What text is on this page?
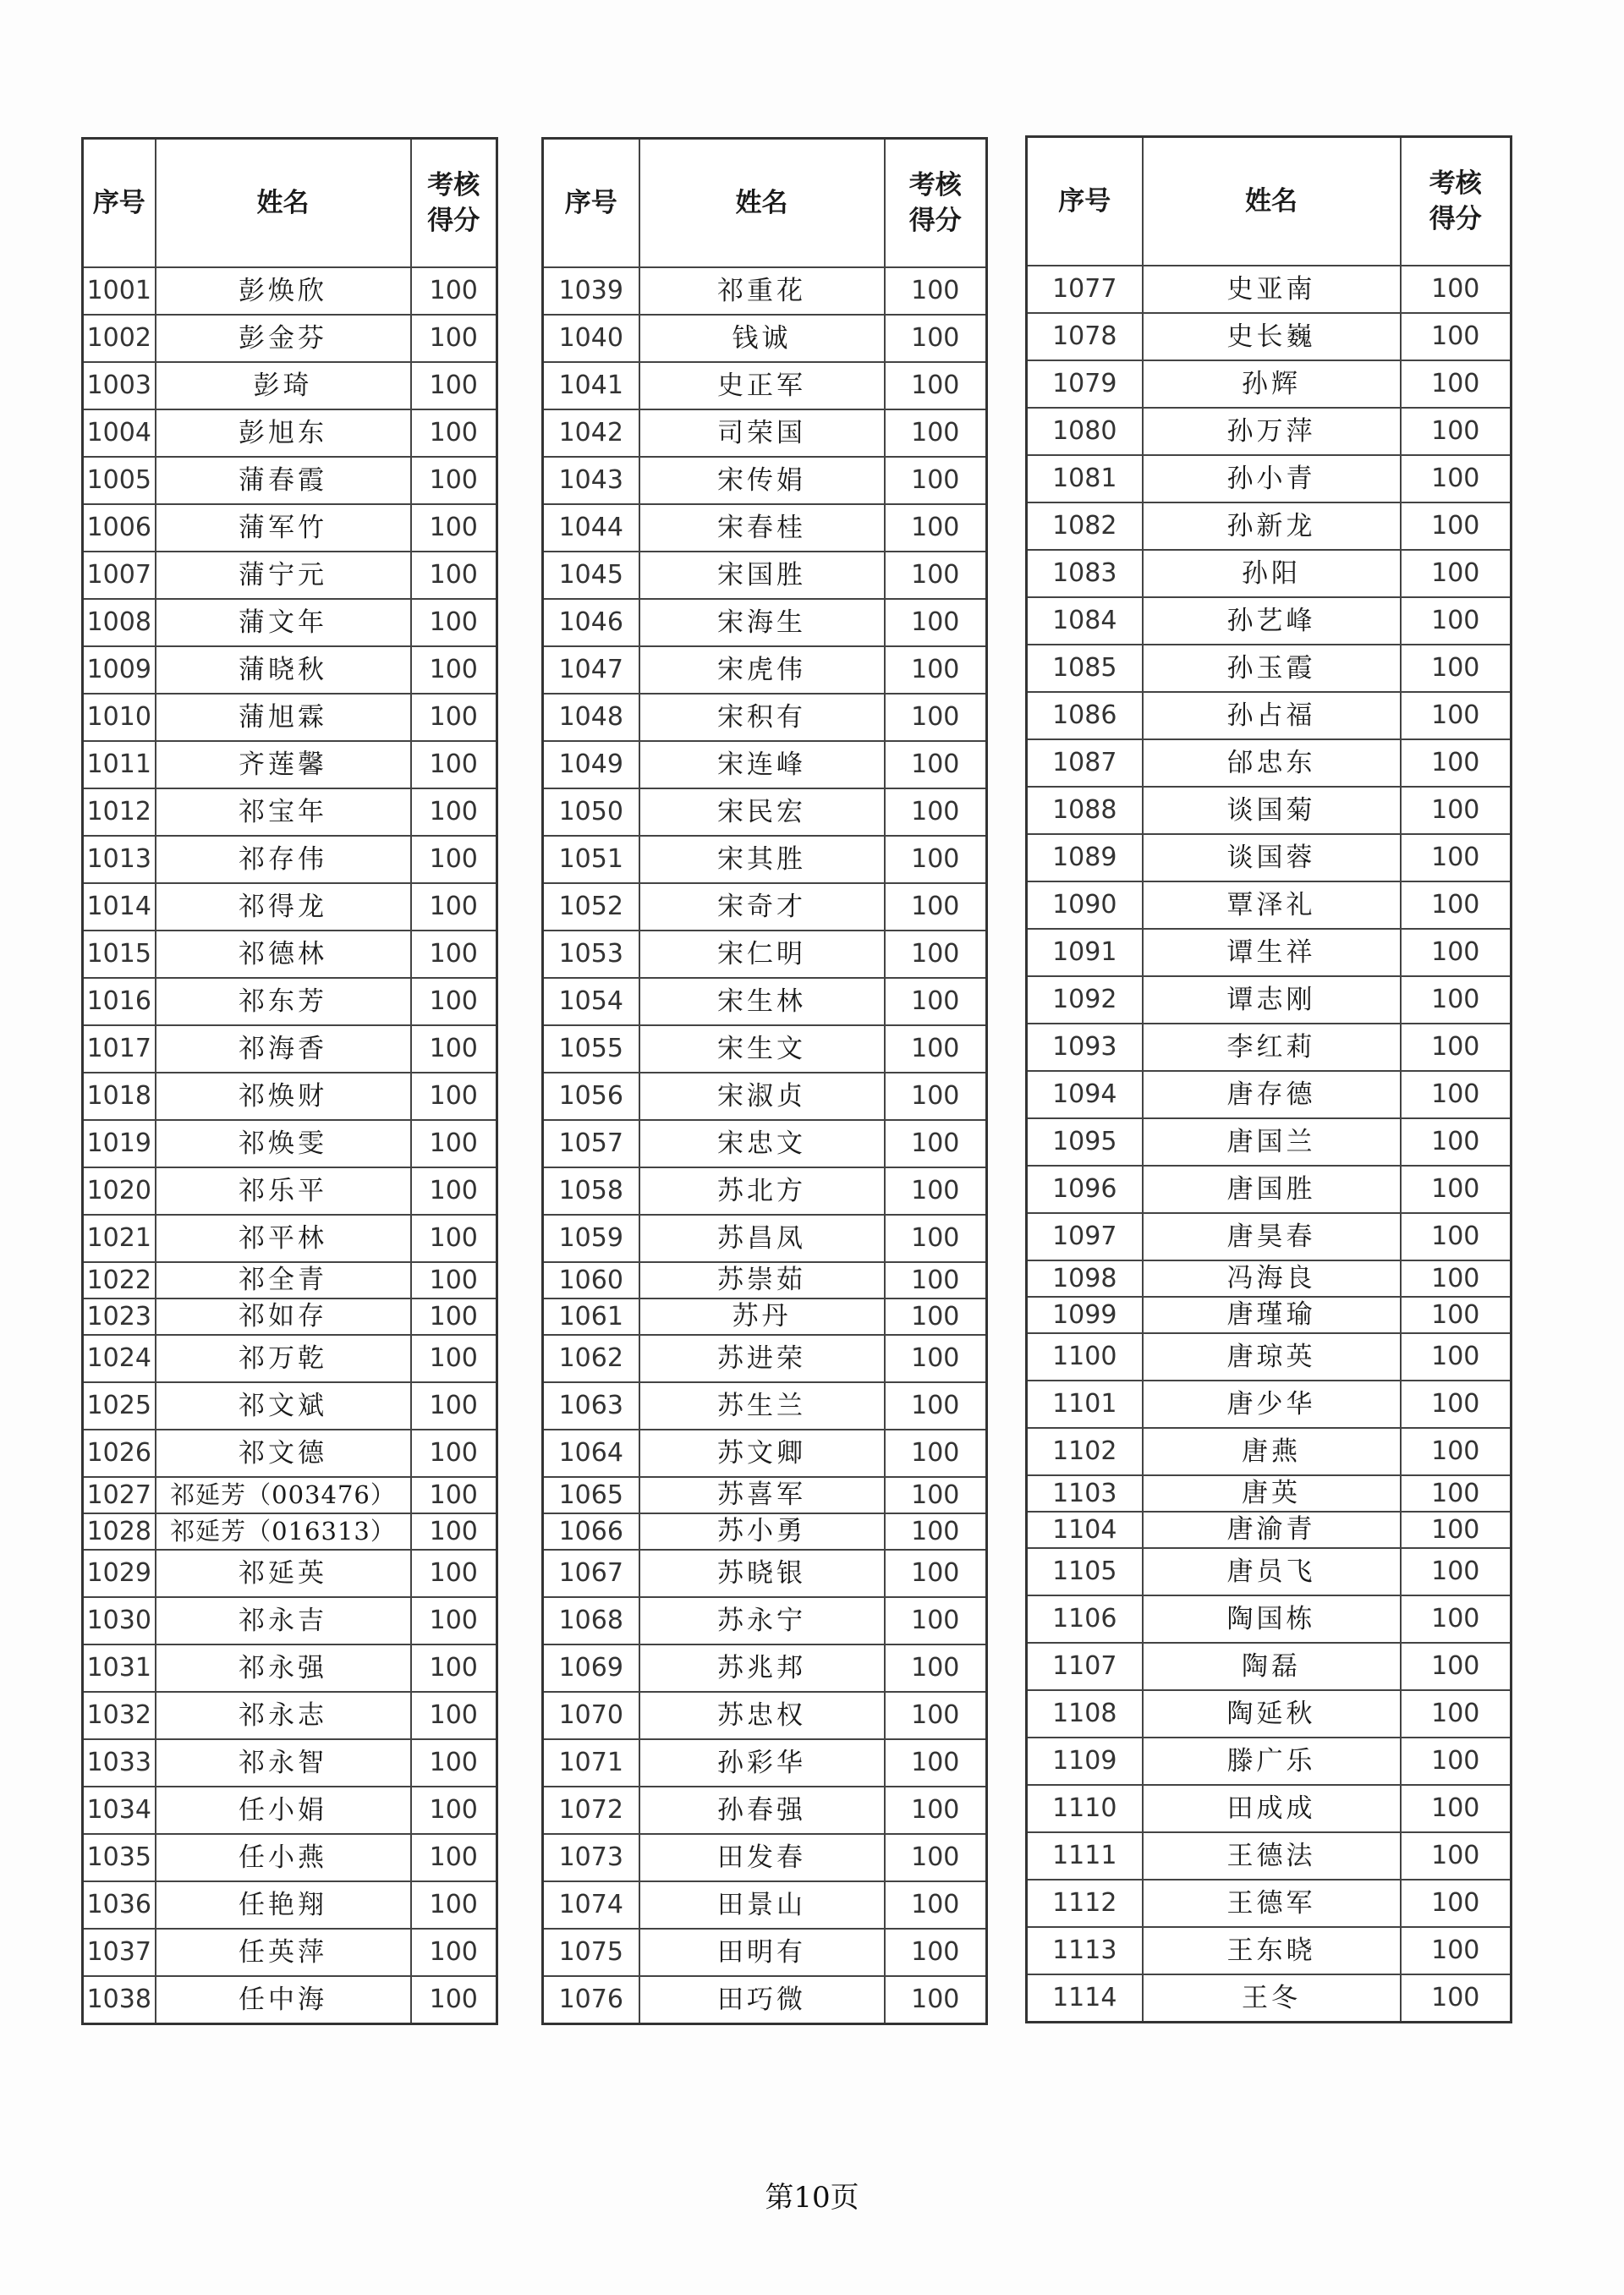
序号	姓名	考核
得分
1001	彭焕欣	100
1002	彭金芬	100
1003	彭琦	100
1004	彭旭东	100
1005	蒲春霞	100
1006	蒲军竹	100
1007	蒲宁元	100
1008	蒲文年	100
1009	蒲晓秋	100
1010	蒲旭霖	100
1011	齐莲馨	100
1012	祁宝年	100
1013	祁存伟	100
1014	祁得龙	100
1015	祁德林	100
1016	祁东芳	100
1017	祁海香	100
1018	祁焕财	100
1019	祁焕雯	100
1020	祁乐平	100
1021	祁平林	100
1022	祁全青	100
1023	祁如存	100
1024	祁万乾	100
1025	祁文斌	100
1026	祁文德	100
1027	祁延芳（003476）	100
1028	祁延芳（016313）	100
1029	祁延英	100
1030	祁永吉	100
1031	祁永强	100
1032	祁永志	100
1033	祁永智	100
1034	任小娟	100
1035	任小燕	100
1036	任艳翔	100
1037	任英萍	100
1038	任中海	100
序号	姓名	考核
得分
1039	祁重花	100
1040	钱诚	100
1041	史正军	100
1042	司荣国	100
1043	宋传娟	100
1044	宋春桂	100
1045	宋国胜	100
1046	宋海生	100
1047	宋虎伟	100
1048	宋积有	100
1049	宋连峰	100
1050	宋民宏	100
1051	宋其胜	100
1052	宋奇才	100
1053	宋仁明	100
1054	宋生林	100
1055	宋生文	100
1056	宋淑贞	100
1057	宋忠文	100
1058	苏北方	100
1059	苏昌凤	100
1060	苏崇茹	100
1061	苏丹	100
1062	苏进荣	100
1063	苏生兰	100
1064	苏文卿	100
1065	苏喜军	100
1066	苏小勇	100
1067	苏晓银	100
1068	苏永宁	100
1069	苏兆邦	100
1070	苏忠权	100
1071	孙彩华	100
1072	孙春强	100
1073	田发春	100
1074	田景山	100
1075	田明有	100
1076	田巧微	100
序号	姓名	考核
得分
1077	史亚南	100
1078	史长巍	100
1079	孙辉	100
1080	孙万萍	100
1081	孙小青	100
1082	孙新龙	100
1083	孙阳	100
1084	孙艺峰	100
1085	孙玉霞	100
1086	孙占福	100
1087	邰忠东	100
1088	谈国菊	100
1089	谈国蓉	100
1090	覃泽礼	100
1091	谭生祥	100
1092	谭志刚	100
1093	李红莉	100
1094	唐存德	100
1095	唐国兰	100
1096	唐国胜	100
1097	唐昊春	100
1098	冯海良	100
1099	唐瑾瑜	100
1100	唐琼英	100
1101	唐少华	100
1102	唐燕	100
1103	唐英	100
1104	唐渝青	100
1105	唐员飞	100
1106	陶国栋	100
1107	陶磊	100
1108	陶延秋	100
1109	滕广乐	100
1110	田成成	100
1111	王德法	100
1112	王德军	100
1113	王东晓	100
1114	王冬	100
第10页
